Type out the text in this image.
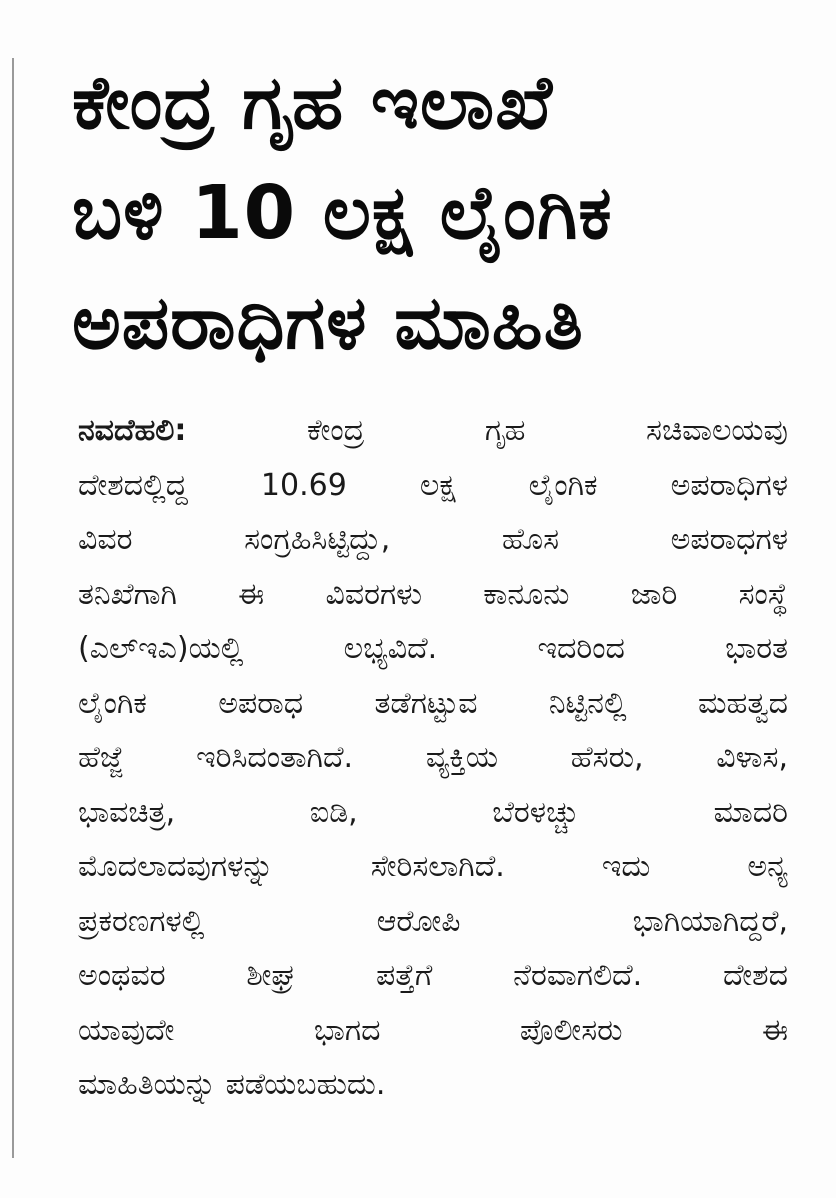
ಕೇಂದ್ರ ಗೃಹ ಇಲಾಖೆ
ಬಳಿ 10 ಲಕ್ಷ ಲೈಂಗಿಕ
ಅಪರಾಧಿಗಳ ಮಾಹಿತಿ
ನವದೆಹಲಿ:	ಕೇಂದ್ರ ಗೃಹ ಸಚಿವಾಲಯವು
ದೇಶದಲ್ಲಿದ್ದ 10.69 ಲಕ್ಷ ಲೈಂಗಿಕ ಅಪರಾಧಿಗಳ
ವಿವರ ಸಂಗ್ರಹಿಸಿಟ್ಟಿದ್ದು, ಹೊಸ ಅಪರಾಧಗಳ
ತನಿಖೆಗಾಗಿ ಈ ವಿವರಗಳು ಕಾನೂನು ಜಾರಿ ಸಂಸ್ಥೆ
(ಎಲ್‌ಇಎ)ಯಲ್ಲಿ ಲಭ್ಯವಿದೆ. ಇದರಿಂದ ಭಾರತ
ಲೈಂಗಿಕ ಅಪರಾಧ ತಡೆಗಟ್ಟುವ ನಿಟ್ಟಿನಲ್ಲಿ ಮಹತ್ವದ
ಹೆಜ್ಜೆ ಇರಿಸಿದಂತಾಗಿದೆ. ವ್ಯಕ್ತಿಯ ಹೆಸರು, ವಿಳಾಸ,
ಭಾವಚಿತ್ರ, ಐಡಿ, ಬೆರಳಚ್ಚು ಮಾದರಿ
ಮೊದಲಾದವುಗಳನ್ನು ಸೇರಿಸಲಾಗಿದೆ. ಇದು ಅನ್ಯ
ಪ್ರಕರಣಗಳಲ್ಲಿ ಆರೋಪಿ ಭಾಗಿಯಾಗಿದ್ದರೆ,
ಅಂಥವರ ಶೀಘ್ರ ಪತ್ತೆಗೆ ನೆರವಾಗಲಿದೆ. ದೇಶದ
ಯಾವುದೇ ಭಾಗದ ಪೊಲೀಸರು ಈ
ಮಾಹಿತಿಯನ್ನು ಪಡೆಯಬಹುದು.
